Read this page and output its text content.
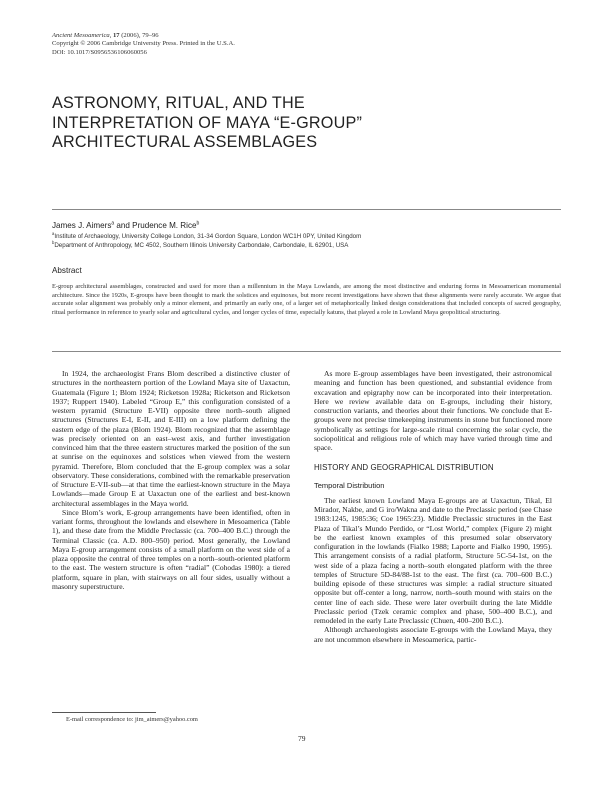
Ancient Mesoamerica, 17 (2006), 79–96
Copyright © 2006 Cambridge University Press. Printed in the U.S.A.
DOI: 10.1017/S0956536106060056
ASTRONOMY, RITUAL, AND THE
INTERPRETATION OF MAYA “E-GROUP”
ARCHITECTURAL ASSEMBLAGES
James J. Aimers$^a$ and Prudence M. Rice$^b$
$^a$Institute of Archaeology, University College London, 31-34 Gordon Square, London WC1H 0PY, United Kingdom
$^b$Department of Anthropology, MC 4502, Southern Illinois University Carbondale, Carbondale, IL 62901, USA
Abstract
E-group architectural assemblages, constructed and used for more than a millennium in the Maya Lowlands, are among the most distinctive and enduring forms in Mesoamerican monumental architecture. Since the 1920s, E-groups have been thought to mark the solstices and equinoxes, but more recent investigations have shown that these alignments were rarely accurate. We argue that accurate solar alignment was probably only a minor element, and primarily an early one, of a larger set of metaphorically linked design considerations that included concepts of sacred geography, ritual performance in reference to yearly solar and agricultural cycles, and longer cycles of time, especially katuns, that played a role in Lowland Maya geopolitical structuring.

In 1924, the archaeologist Frans Blom described a distinctive cluster of structures in the northeastern portion of the Lowland Maya site of Uaxactun, Guatemala (Figure 1; Blom 1924; Ricketson 1928a; Ricketson and Ricketson 1937; Ruppert 1940). Labeled “Group E,” this configuration consisted of a western pyramid (Structure E-VII) opposite three north–south aligned structures (Structures E-I, E-II, and E-III) on a low platform defining the eastern edge of the plaza (Blom 1924). Blom recognized that the assemblage was precisely oriented on an east–west axis, and further investigation convinced him that the three eastern structures marked the position of the sun at sunrise on the equinoxes and solstices when viewed from the western pyramid. Therefore, Blom concluded that the E-group complex was a solar observatory. These considerations, combined with the remarkable preservation of Structure E-VII-sub—at that time the earliest-known structure in the Maya Lowlands—made Group E at Uaxactun one of the earliest and best-known architectural assemblages in the Maya world.

Since Blom’s work, E-group arrangements have been identified, often in variant forms, throughout the lowlands and elsewhere in Mesoamerica (Table 1), and these date from the Middle Preclassic (ca. 700–400 B.C.) through the Terminal Classic (ca. A.D. 800–950) period. Most generally, the Lowland Maya E-group arrangement consists of a small platform on the west side of a plaza opposite the central of three temples on a north–south-oriented platform to the east. The western structure is often “radial” (Cohodas 1980): a tiered platform, square in plan, with stairways on all four sides, usually without a masonry superstructure.

As more E-group assemblages have been investigated, their astronomical meaning and function has been questioned, and substantial evidence from excavation and epigraphy now can be incorporated into their interpretation. Here we review available data on E-groups, including their history, construction variants, and theories about their functions. We conclude that E-groups were not precise timekeeping instruments in stone but functioned more symbolically as settings for large-scale ritual concerning the solar cycle, the sociopolitical and religious role of which may have varied through time and space.

HISTORY AND GEOGRAPHICAL DISTRIBUTION
Temporal Distribution

The earliest known Lowland Maya E-groups are at Uaxactun, Tikal, El Mirador, Nakbe, and G iro/Wakna and date to the Preclassic period (see Chase 1983:1245, 1985:36; Coe 1965:23). Middle Preclassic structures in the East Plaza of Tikal’s Mundo Perdido, or “Lost World,” complex (Figure 2) might be the earliest known examples of this presumed solar observatory configuration in the lowlands (Fialko 1988; Laporte and Fialko 1990, 1995). This arrangement consists of a radial platform, Structure 5C-54-1st, on the west side of a plaza facing a north–south elongated platform with the three temples of Structure 5D-84/88-1st to the east. The first (ca. 700–600 B.C.) building episode of these structures was simple: a radial structure situated opposite but off-center a long, narrow, north–south mound with stairs on the center line of each side. These were later overbuilt during the late Middle Preclassic period (Tzek ceramic complex and phase, 500–400 B.C.), and remodeled in the early Late Preclassic (Chuen, 400–200 B.C.).

Although archaeologists associate E-groups with the Lowland Maya, they are not uncommon elsewhere in Mesoamerica, partic-

E-mail correspondence to: jim_aimers@yahoo.com
79
